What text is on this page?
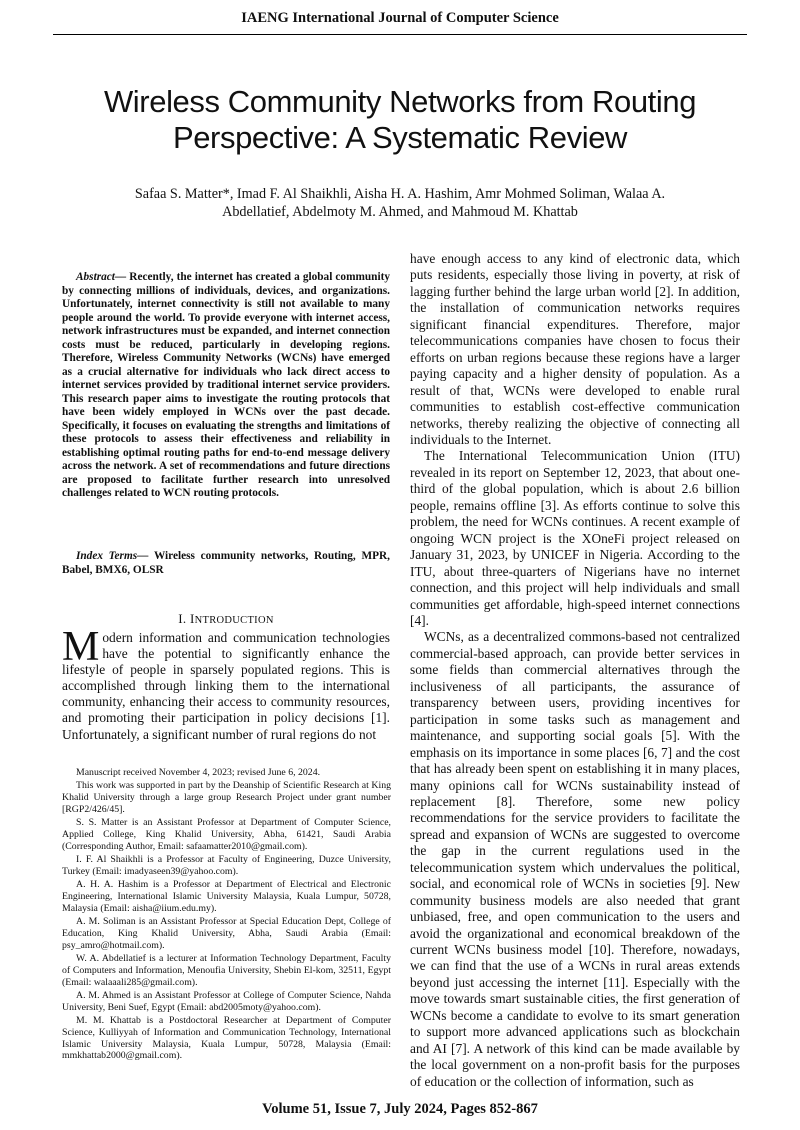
IAENG International Journal of Computer Science
Wireless Community Networks from Routing Perspective: A Systematic Review
Safaa S. Matter*, Imad F. Al Shaikhli, Aisha H. A. Hashim, Amr Mohmed Soliman, Walaa A. Abdellatief, Abdelmoty M. Ahmed, and Mahmoud M. Khattab

Abstract— Recently, the internet has created a global community by connecting millions of individuals, devices, and organizations. Unfortunately, internet connectivity is still not available to many people around the world. To provide everyone with internet access, network infrastructures must be expanded, and internet connection costs must be reduced, particularly in developing regions. Therefore, Wireless Community Networks (WCNs) have emerged as a crucial alternative for individuals who lack direct access to internet services provided by traditional internet service providers. This research paper aims to investigate the routing protocols that have been widely employed in WCNs over the past decade. Specifically, it focuses on evaluating the strengths and limitations of these protocols to assess their effectiveness and reliability in establishing optimal routing paths for end-to-end message delivery across the network. A set of recommendations and future directions are proposed to facilitate further research into unresolved challenges related to WCN routing protocols.

Index Terms— Wireless community networks, Routing, MPR, Babel, BMX6, OLSR

I. INTRODUCTION

Modern information and communication technologies have the potential to significantly enhance the lifestyle of people in sparsely populated regions. This is accomplished through linking them to the international community, enhancing their access to community resources, and promoting their participation in policy decisions [1]. Unfortunately, a significant number of rural regions do not

Manuscript received November 4, 2023; revised June 6, 2024.

This work was supported in part by the Deanship of Scientific Research at King Khalid University through a large group Research Project under grant number [RGP2/426/45].

S. S. Matter is an Assistant Professor at Department of Computer Science, Applied College, King Khalid University, Abha, 61421, Saudi Arabia (Corresponding Author, Email: safaamatter2010@gmail.com).

I. F. Al Shaikhli is a Professor at Faculty of Engineering, Duzce University, Turkey (Email: imadyaseen39@yahoo.com).

A. H. A. Hashim is a Professor at Department of Electrical and Electronic Engineering, International Islamic University Malaysia, Kuala Lumpur, 50728, Malaysia (Email: aisha@iium.edu.my).

A. M. Soliman is an Assistant Professor at Special Education Dept, College of Education, King Khalid University, Abha, Saudi Arabia (Email: psy_amro@hotmail.com).

W. A. Abdellatief is a lecturer at Information Technology Department, Faculty of Computers and Information, Menoufia University, Shebin El-kom, 32511, Egypt (Email: walaaali285@gmail.com).

A. M. Ahmed is an Assistant Professor at College of Computer Science, Nahda University, Beni Suef, Egypt (Email: abd2005moty@yahoo.com).

M. M. Khattab is a Postdoctoral Researcher at Department of Computer Science, Kulliyyah of Information and Communication Technology, International Islamic University Malaysia, Kuala Lumpur, 50728, Malaysia (Email: mmkhattab2000@gmail.com).

have enough access to any kind of electronic data, which puts residents, especially those living in poverty, at risk of lagging further behind the large urban world [2]. In addition, the installation of communication networks requires significant financial expenditures. Therefore, major telecommunications companies have chosen to focus their efforts on urban regions because these regions have a larger paying capacity and a higher density of population. As a result of that, WCNs were developed to enable rural communities to establish cost-effective communication networks, thereby realizing the objective of connecting all individuals to the Internet.

The International Telecommunication Union (ITU) revealed in its report on September 12, 2023, that about one-third of the global population, which is about 2.6 billion people, remains offline [3]. As efforts continue to solve this problem, the need for WCNs continues. A recent example of ongoing WCN project is the XOneFi project released on January 31, 2023, by UNICEF in Nigeria. According to the ITU, about three-quarters of Nigerians have no internet connection, and this project will help individuals and small communities get affordable, high-speed internet connections [4].

WCNs, as a decentralized commons-based not centralized commercial-based approach, can provide better services in some fields than commercial alternatives through the inclusiveness of all participants, the assurance of transparency between users, providing incentives for participation in some tasks such as management and maintenance, and supporting social goals [5]. With the emphasis on its importance in some places [6, 7] and the cost that has already been spent on establishing it in many places, many opinions call for WCNs sustainability instead of replacement [8]. Therefore, some new policy recommendations for the service providers to facilitate the spread and expansion of WCNs are suggested to overcome the gap in the current regulations used in the telecommunication system which undervalues the political, social, and economical role of WCNs in societies [9]. New community business models are also needed that grant unbiased, free, and open communication to the users and avoid the organizational and economical breakdown of the current WCNs business model [10]. Therefore, nowadays, we can find that the use of a WCNs in rural areas extends beyond just accessing the internet [11]. Especially with the move towards smart sustainable cities, the first generation of WCNs become a candidate to evolve to its smart generation to support more advanced applications such as blockchain and AI [7]. A network of this kind can be made available by the local government on a non-profit basis for the purposes of education or the collection of information, such as

Volume 51, Issue 7, July 2024, Pages 852-867
